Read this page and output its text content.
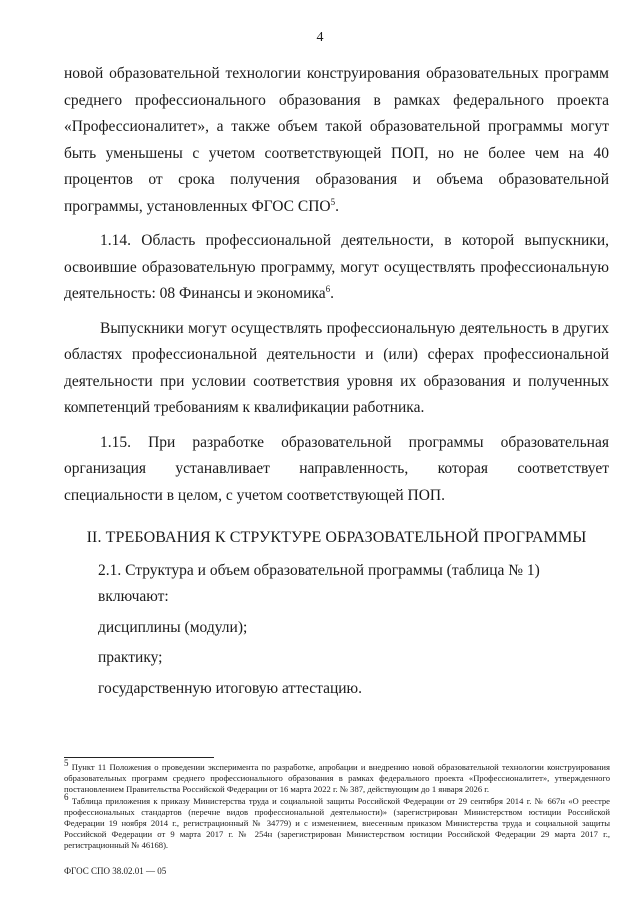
4

новой образовательной технологии конструирования образовательных программ среднего профессионального образования в рамках федерального проекта «Профессионалитет», а также объем такой образовательной программы могут быть уменьшены с учетом соответствующей ПОП, но не более чем на 40 процентов от срока получения образования и объема образовательной программы, установленных ФГОС СПО$^5$.

1.14. Область профессиональной деятельности, в которой выпускники, освоившие образовательную программу, могут осуществлять профессиональную деятельность: 08 Финансы и экономика$^6$.

Выпускники могут осуществлять профессиональную деятельность в других областях профессиональной деятельности и (или) сферах профессиональной деятельности при условии соответствия уровня их образования и полученных компетенций требованиям к квалификации работника.

1.15. При разработке образовательной программы образовательная организация устанавливает направленность, которая соответствует специальности в целом, с учетом соответствующей ПОП.

II. ТРЕБОВАНИЯ К СТРУКТУРЕ ОБРАЗОВАТЕЛЬНОЙ ПРОГРАММЫ

2.1. Структура и объем образовательной программы (таблица № 1) включают:

дисциплины (модули);

практику;

государственную итоговую аттестацию.

$^5$ Пункт 11 Положения о проведении эксперимента по разработке, апробации и внедрению новой образовательной технологии конструирования образовательных программ среднего профессионального образования в рамках федерального проекта «Профессионалитет», утвержденного постановлением Правительства Российской Федерации от 16 марта 2022 г. № 387, действующим до 1 января 2026 г.

$^6$ Таблица приложения к приказу Министерства труда и социальной защиты Российской Федерации от 29 сентября 2014 г. № 667н «О реестре профессиональных стандартов (перечне видов профессиональной деятельности)» (зарегистрирован Министерством юстиции Российской Федерации 19 ноября 2014 г., регистрационный № 34779) и с изменением, внесенным приказом Министерства труда и социальной защиты Российской Федерации от 9 марта 2017 г. № 254н (зарегистрирован Министерством юстиции Российской Федерации 29 марта 2017 г., регистрационный № 46168).

ФГОС СПО 38.02.01 — 05
